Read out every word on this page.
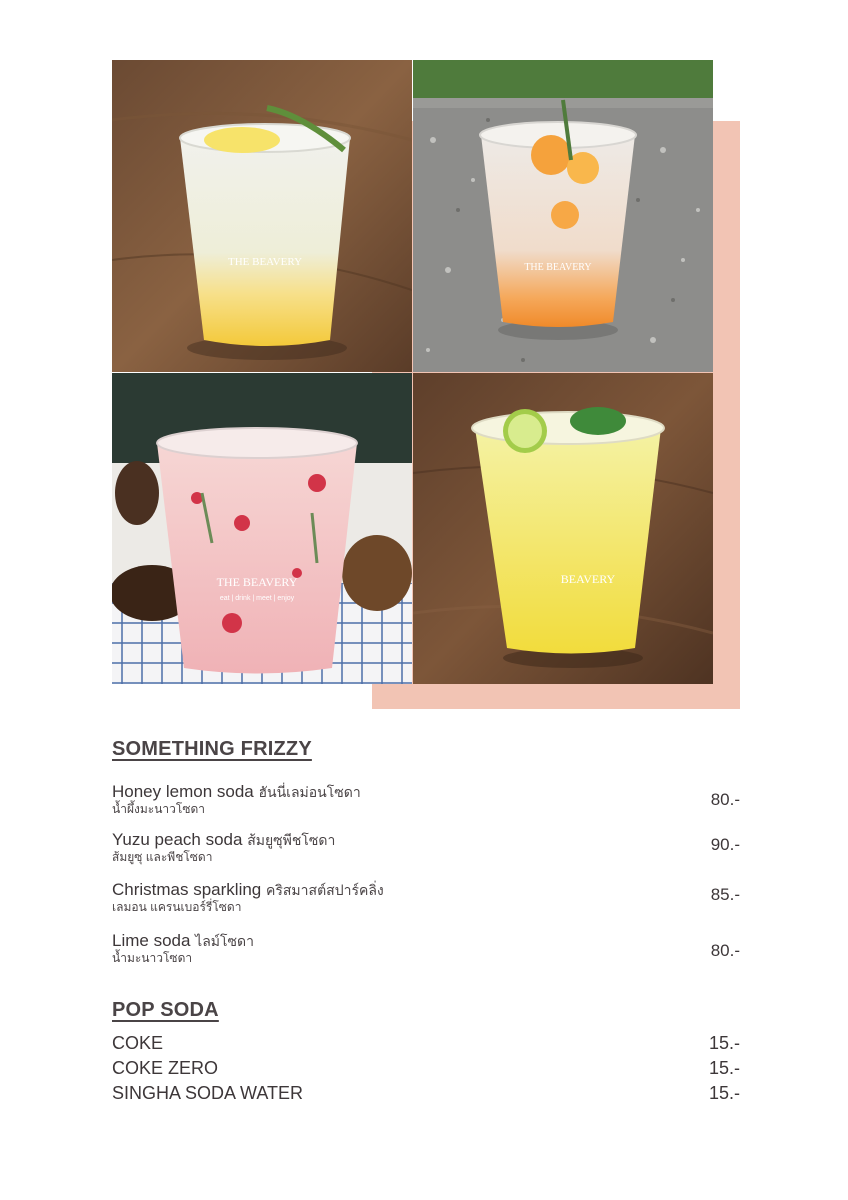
THE BEAVERY	THE BEAVERY
THE BEAVERY
eat | drink | meet | enjoy
BEAVERY
SOMETHING FRIZZY
Honey lemon soda ฮันนี่เลม่อนโซดา
น้ำผึ้งมะนาวโซดา	80.-
Yuzu peach soda ส้มยูซุพีชโซดา
ส้มยูซุ และพีชโซดา
90.-
Christmas sparkling คริสมาสต์สปาร์คลิ่ง
เลมอน แครนเบอร์รี่โซดา
85.-
Lime soda ไลม์โซดา
น้ำมะนาวโซดา	80.-
POP SODA
COKE	15.-
COKE ZERO	15.-
SINGHA SODA WATER	15.-
